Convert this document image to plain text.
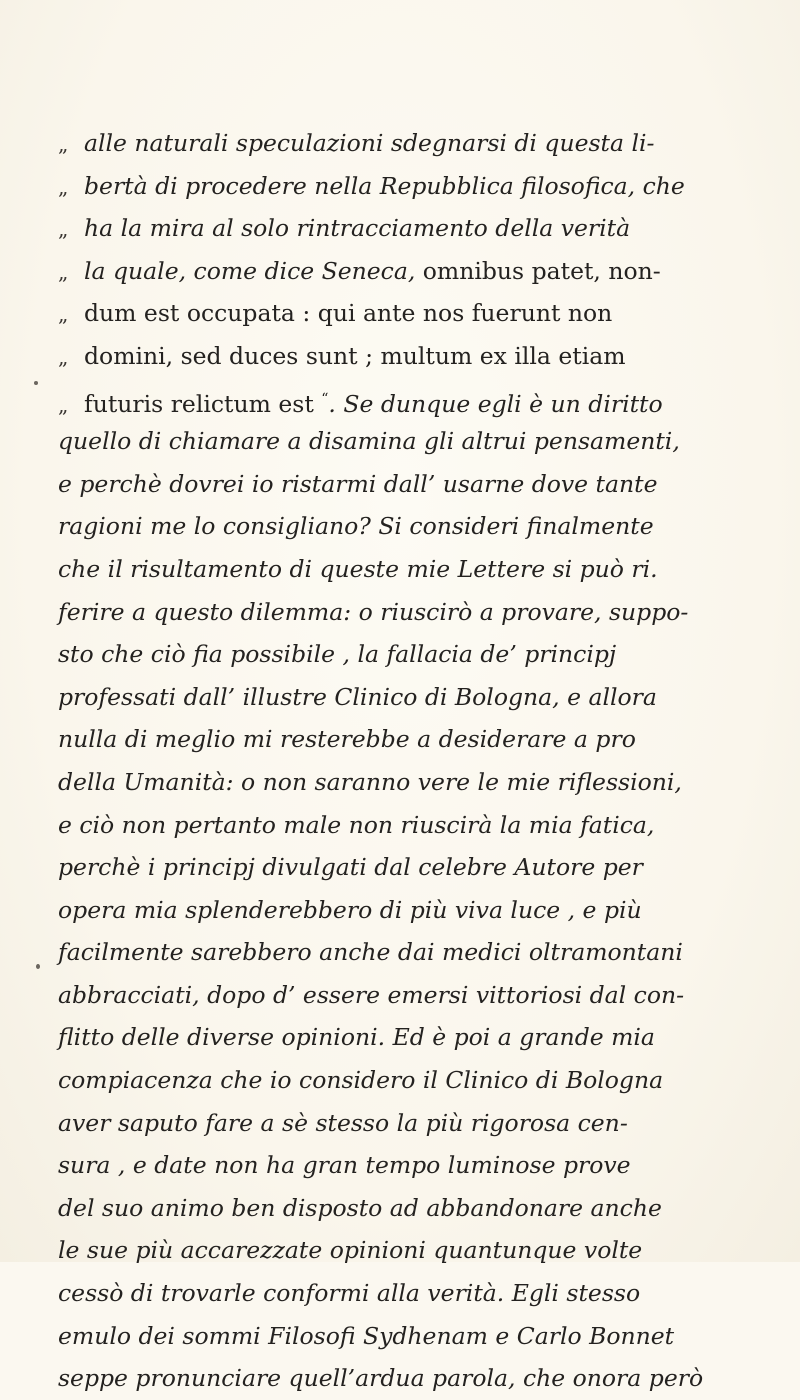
„ alle naturali speculazioni sdegnarsi di questa li-
„ bertà di procedere nella Repubblica filosofica, che
„ ha la mira al solo rintracciamento della verità
„ la quale, come dice Seneca, omnibus patet, non-
„ dum est occupata : qui ante nos fuerunt non
„ domini, sed duces sunt ; multum ex illa etiam
„ futuris relictum est “. Se dunque egli è un diritto
quello di chiamare a disamina gli altrui pensamenti,
e perchè dovrei io ristarmi dall’ usarne dove tante
ragioni me lo consigliano? Si consideri finalmente
che il risultamento di queste mie Lettere si può ri.
ferire a questo dilemma: o riuscirò a provare, suppo-
sto che ciò fia possibile , la fallacia de’ principj
professati dall’ illustre Clinico di Bologna, e allora
nulla di meglio mi resterebbe a desiderare a pro
della Umanità: o non saranno vere le mie riflessioni,
e ciò non pertanto male non riuscirà la mia fatica,
perchè i principj divulgati dal celebre Autore per
opera mia splenderebbero di più viva luce , e più
facilmente sarebbero anche dai medici oltramontani
abbracciati, dopo d’ essere emersi vittoriosi dal con-
flitto delle diverse opinioni. Ed è poi a grande mia
compiacenza che io considero il Clinico di Bologna
aver saputo fare a sè stesso la più rigorosa cen-
sura , e date non ha gran tempo luminose prove
del suo animo ben disposto ad abbandonare anche
le sue più accarezzate opinioni quantunque volte
cessò di trovarle conformi alla verità. Egli stesso
emulo dei sommi Filosofi Sydhenam e Carlo Bonnet
seppe pronunciare quell’ardua parola, che onora però
